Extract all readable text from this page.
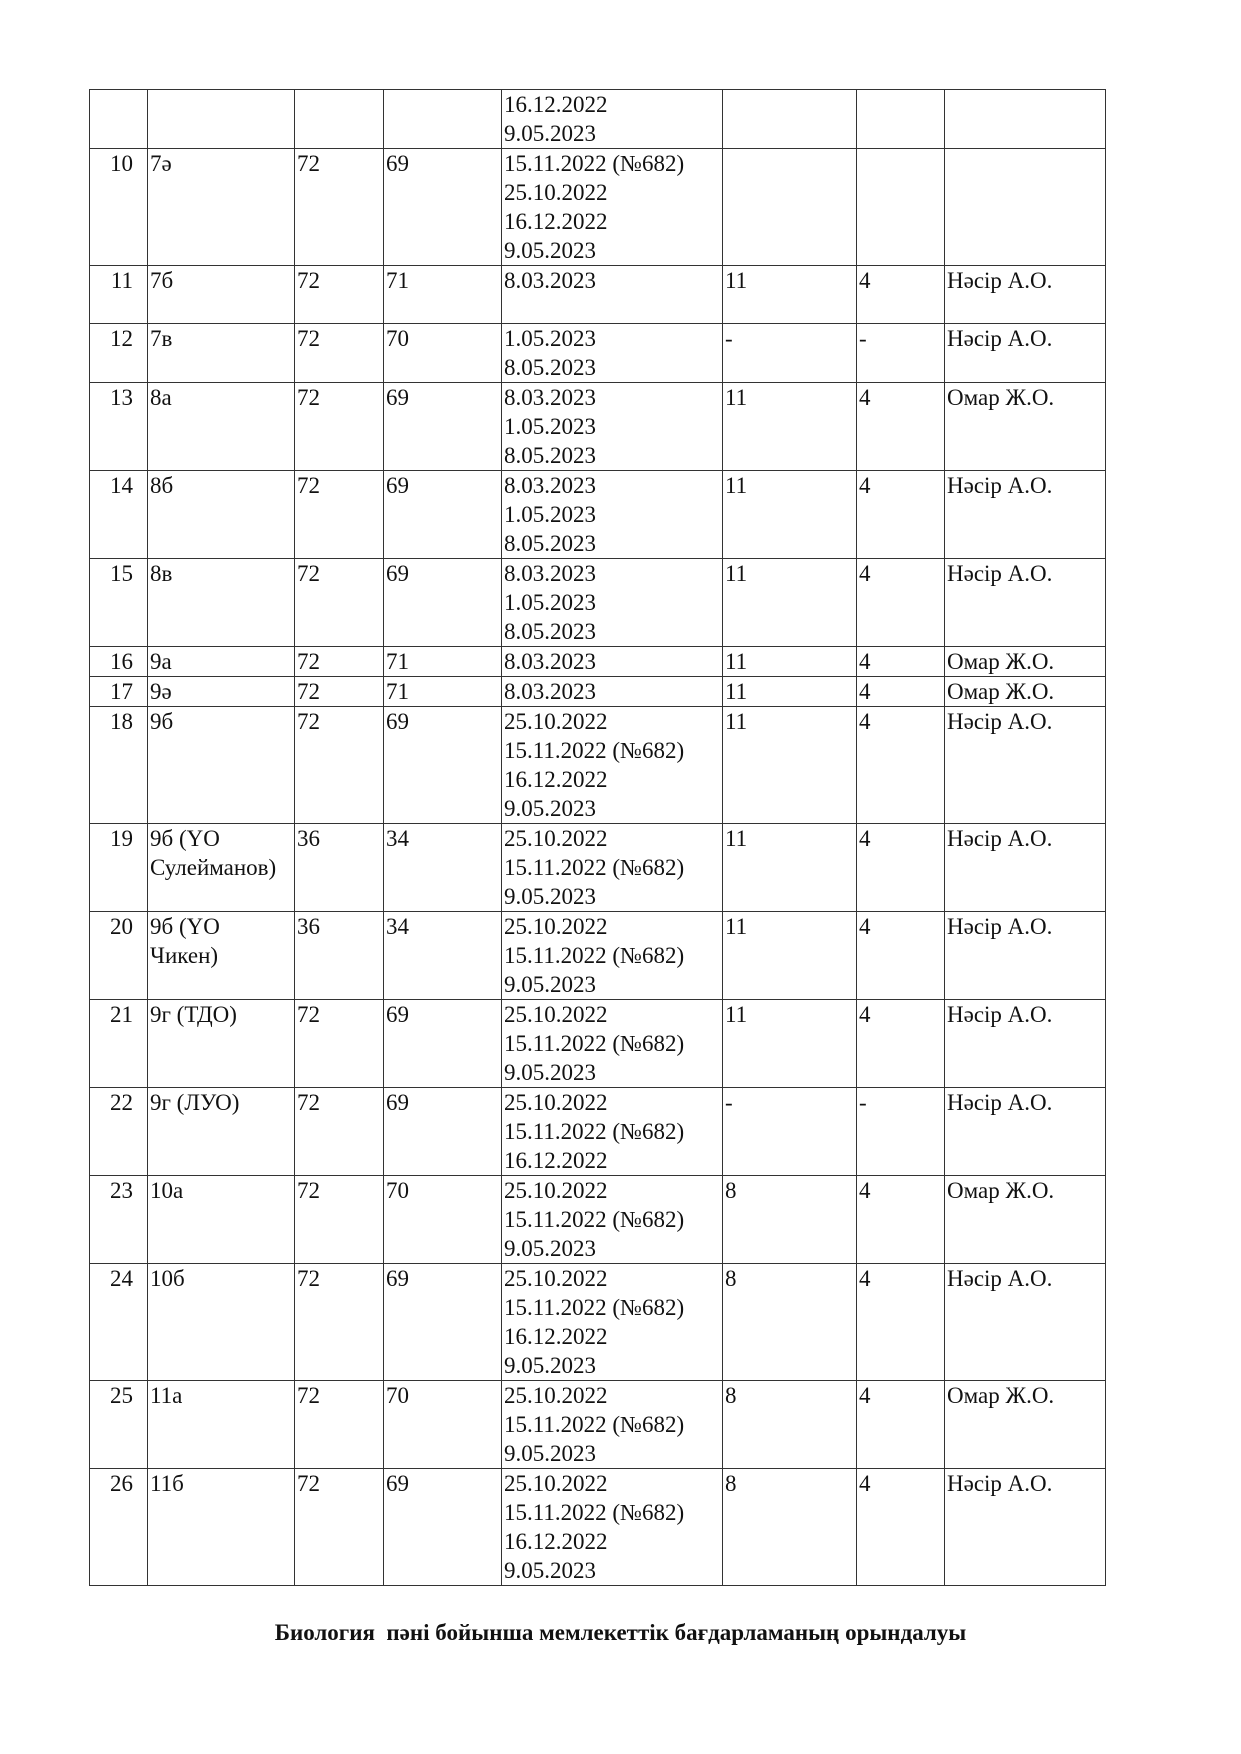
				16.12.2022
9.05.2023			

10	7ә	72	69	15.11.2022 (№682)
25.10.2022
16.12.2022
9.05.2023			

11	7б	72	71	8.03.2023	11	4	Нәсір А.О.

12	7в	72	70	1.05.2023
8.05.2023	-	-	Нәсір А.О.

13	8а	72	69	8.03.2023
1.05.2023
8.05.2023	11	4	Омар Ж.О.

14	8б	72	69	8.03.2023
1.05.2023
8.05.2023	11	4	Нәсір А.О.

15	8в	72	69	8.03.2023
1.05.2023
8.05.2023	11	4	Нәсір А.О.

16	9а	72	71	8.03.2023	11	4	Омар Ж.О.

17	9ә	72	71	8.03.2023	11	4	Омар Ж.О.

18	9б	72	69	25.10.2022
15.11.2022 (№682)
16.12.2022
9.05.2023	11	4	Нәсір А.О.

19	9б (ҮО
Сулейманов)	36	34	25.10.2022
15.11.2022 (№682)
9.05.2023	11	4	Нәсір А.О.

20	9б (ҮО
Чикен)	36	34	25.10.2022
15.11.2022 (№682)
9.05.2023	11	4	Нәсір А.О.

21	9г (ТДО)	72	69	25.10.2022
15.11.2022 (№682)
9.05.2023	11	4	Нәсір А.О.

22	9г (ЛУО)	72	69	25.10.2022
15.11.2022 (№682)
16.12.2022	-	-	Нәсір А.О.

23	10а	72	70	25.10.2022
15.11.2022 (№682)
9.05.2023	8	4	Омар Ж.О.

24	10б	72	69	25.10.2022
15.11.2022 (№682)
16.12.2022
9.05.2023	8	4	Нәсір А.О.

25	11а	72	70	25.10.2022
15.11.2022 (№682)
9.05.2023	8	4	Омар Ж.О.

26	11б	72	69	25.10.2022
15.11.2022 (№682)
16.12.2022
9.05.2023	8	4	Нәсір А.О.
Биология  пәні бойынша мемлекеттік бағдарламаның орындалуы
